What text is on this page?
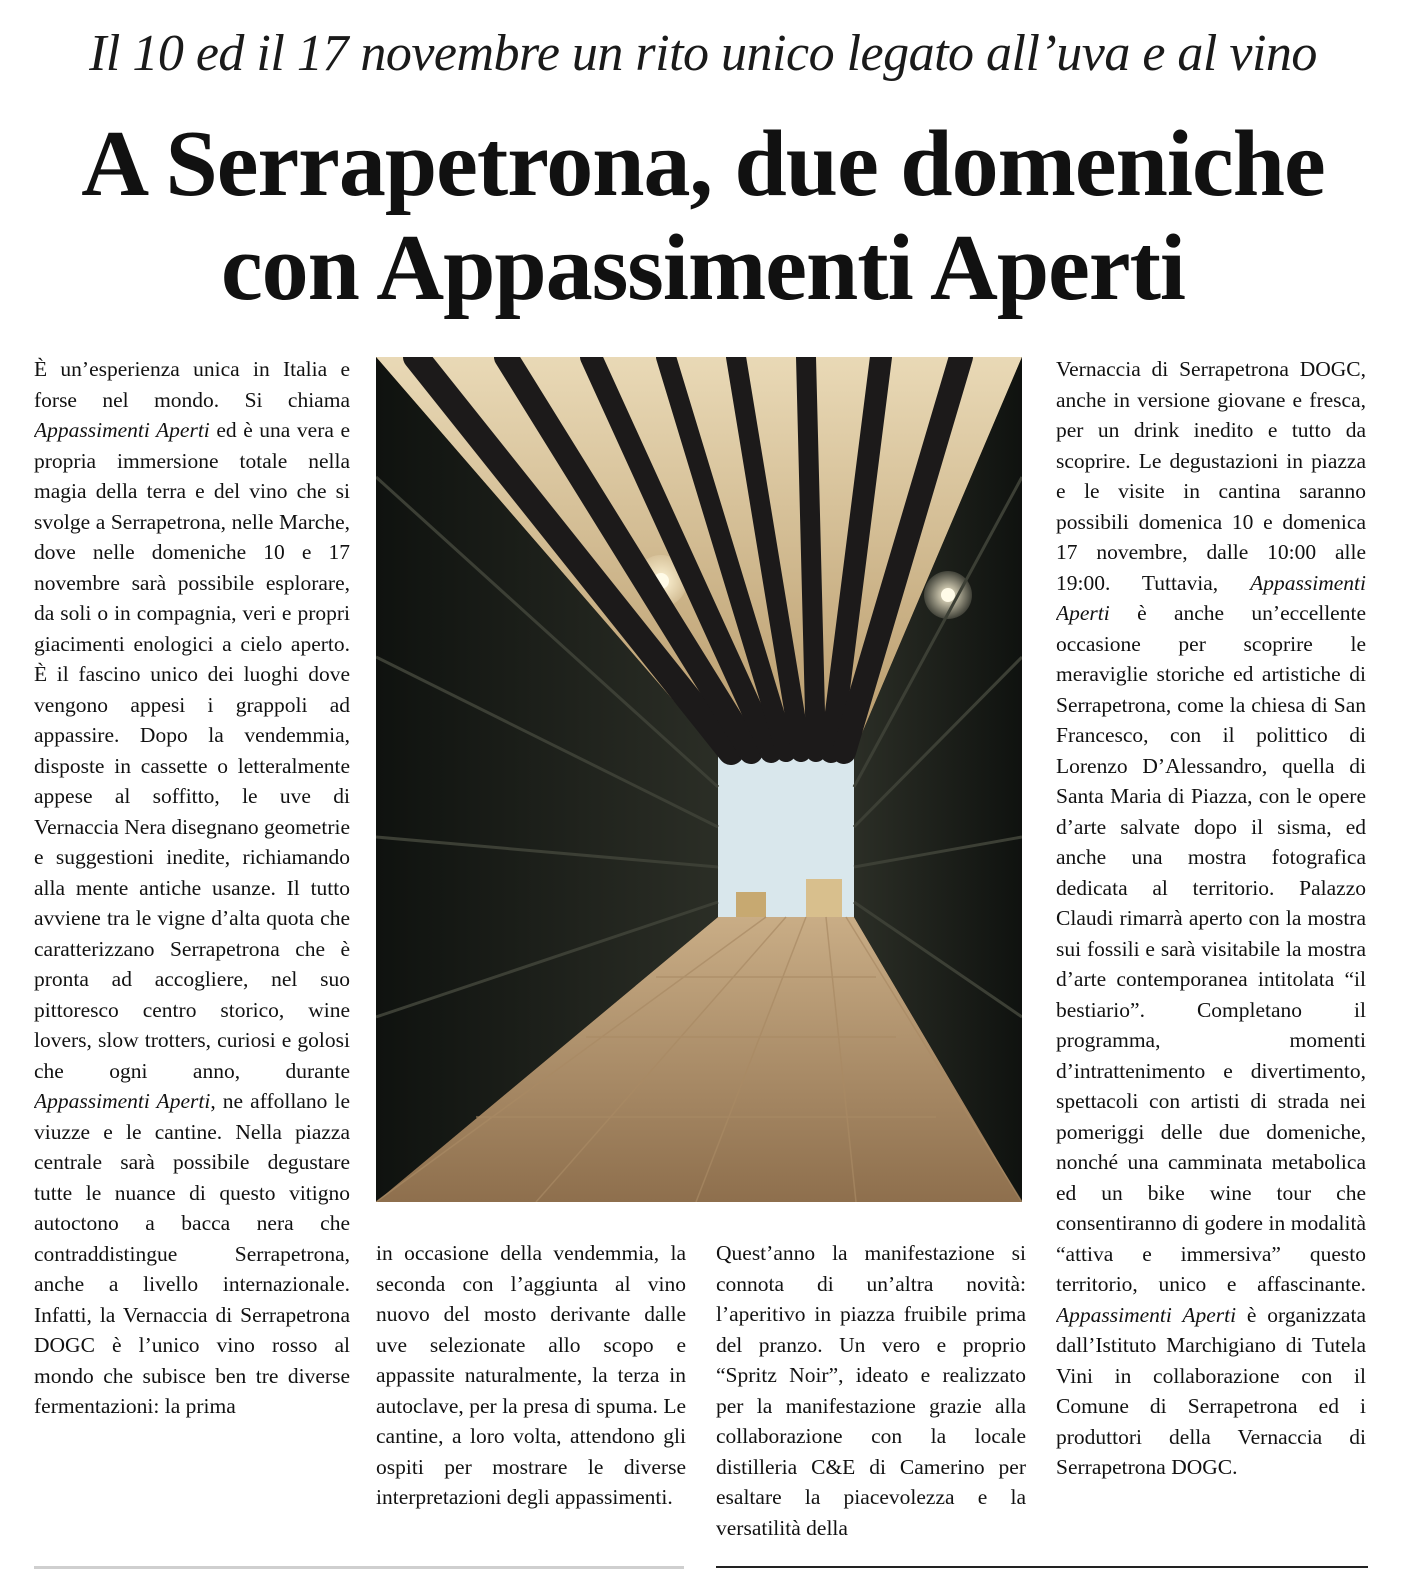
Il 10 ed il 17 novembre un rito unico legato all’uva e al vino
A Serrapetrona, due domeniche
con Appassimenti Aperti

È un’esperienza unica in Italia e forse nel mondo. Si chiama Appassimenti Aperti ed è una vera e propria immersione totale nella magia della terra e del vino che si svolge a Serrapetrona, nelle Marche, dove nelle domeniche 10 e 17 novembre sarà possibile esplorare, da soli o in compagnia, veri e propri giacimenti enologici a cielo aperto. È il fascino unico dei luoghi dove vengono appesi i grappoli ad appassire. Dopo la vendemmia, disposte in cassette o letteralmente appese al soffitto, le uve di Vernaccia Nera disegnano geometrie e suggestioni inedite, richiamando alla mente antiche usanze. Il tutto avviene tra le vigne d’alta quota che caratterizzano Serrapetrona che è pronta ad accogliere, nel suo pittoresco centro storico, wine lovers, slow trotters, curiosi e golosi che ogni anno, durante Appassimenti Aperti, ne affollano le viuzze e le cantine. Nella piazza centrale sarà possibile degustare tutte le nuance di questo vitigno autoctono a bacca nera che contraddistingue Serrapetrona, anche a livello internazionale. Infatti, la Vernaccia di Serrapetrona DOGC è l’unico vino rosso al mondo che subisce ben tre diverse fermentazioni: la prima

in occasione della vendemmia, la seconda con l’aggiunta al vino nuovo del mosto derivante dalle uve selezionate allo scopo e appassite naturalmente, la terza in autoclave, per la presa di spuma. Le cantine, a loro volta, attendono gli ospiti per mostrare le diverse interpretazioni degli appassimenti.

Quest’anno la manifestazione si connota di un’altra novità: l’aperitivo in piazza fruibile prima del pranzo. Un vero e proprio “Spritz Noir”, ideato e realizzato per la manifestazione grazie alla collaborazione con la locale distilleria C&E di Camerino per esaltare la piacevolezza e la versatilità della

Vernaccia di Serrapetrona DOGC, anche in versione giovane e fresca, per un drink inedito e tutto da scoprire. Le degustazioni in piazza e le visite in cantina saranno possibili domenica 10 e domenica 17 novembre, dalle 10:00 alle 19:00. Tuttavia, Appassimenti Aperti è anche un’eccellente occasione per scoprire le meraviglie storiche ed artistiche di Serrapetrona, come la chiesa di San Francesco, con il polittico di Lorenzo D’Alessandro, quella di Santa Maria di Piazza, con le opere d’arte salvate dopo il sisma, ed anche una mostra fotografica dedicata al territorio. Palazzo Claudi rimarrà aperto con la mostra sui fossili e sarà visitabile la mostra d’arte contemporanea intitolata “il bestiario”. Completano il programma, momenti d’intrattenimento e divertimento, spettacoli con artisti di strada nei pomeriggi delle due domeniche, nonché una camminata metabolica ed un bike wine tour che consentiranno di godere in modalità “attiva e immersiva” questo territorio, unico e affascinante. Appassimenti Aperti è organizzata dall’Istituto Marchigiano di Tutela Vini in collaborazione con il Comune di Serrapetrona ed i produttori della Vernaccia di Serrapetrona DOGC.
